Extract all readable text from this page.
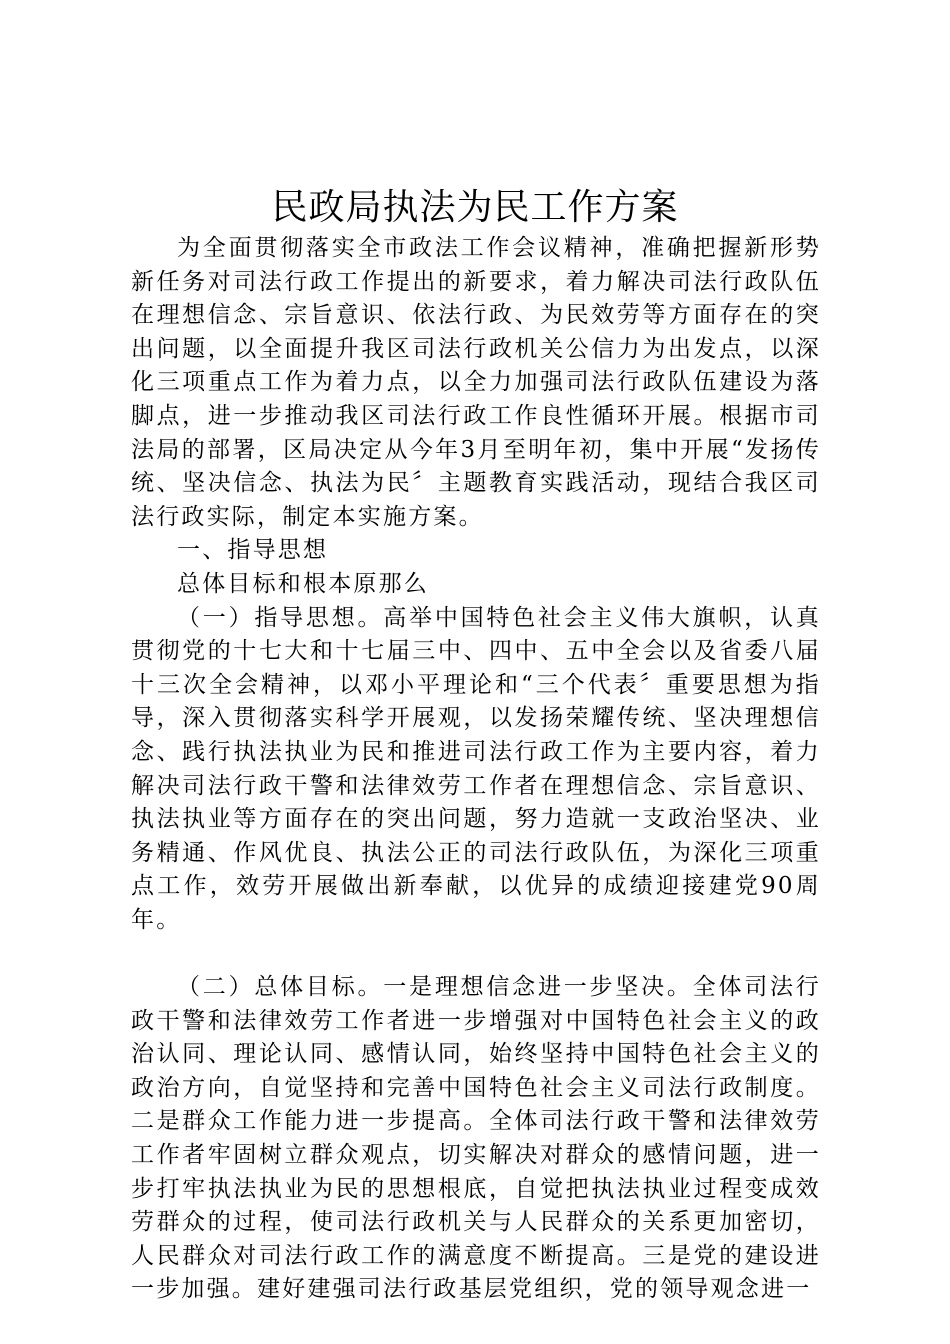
民政局执法为民工作方案

为全面贯彻落实全市政法工作会议精神，准确把握新形势新任务对司法行政工作提出的新要求，着力解决司法行政队伍在理想信念、宗旨意识、依法行政、为民效劳等方面存在的突出问题，以全面提升我区司法行政机关公信力为出发点，以深化三项重点工作为着力点，以全力加强司法行政队伍建设为落脚点，进一步推动我区司法行政工作良性循环开展。根据市司法局的部署，区局决定从今年3月至明年初，集中开展“发扬传统、坚决信念、执法为民〞主题教育实践活动，现结合我区司法行政实际，制定本实施方案。

一、指导思想

总体目标和根本原那么

（一）指导思想。高举中国特色社会主义伟大旗帜，认真贯彻党的十七大和十七届三中、四中、五中全会以及省委八届十三次全会精神，以邓小平理论和“三个代表〞重要思想为指导，深入贯彻落实科学开展观，以发扬荣耀传统、坚决理想信念、践行执法执业为民和推进司法行政工作为主要内容，着力解决司法行政干警和法律效劳工作者在理想信念、宗旨意识、执法执业等方面存在的突出问题，努力造就一支政治坚决、业务精通、作风优良、执法公正的司法行政队伍，为深化三项重点工作，效劳开展做出新奉献，以优异的成绩迎接建党90周年。

（二）总体目标。一是理想信念进一步坚决。全体司法行政干警和法律效劳工作者进一步增强对中国特色社会主义的政治认同、理论认同、感情认同，始终坚持中国特色社会主义的政治方向，自觉坚持和完善中国特色社会主义司法行政制度。二是群众工作能力进一步提高。全体司法行政干警和法律效劳工作者牢固树立群众观点，切实解决对群众的感情问题，进一步打牢执法执业为民的思想根底，自觉把执法执业过程变成效劳群众的过程，使司法行政机关与人民群众的关系更加密切，人民群众对司法行政工作的满意度不断提高。三是党的建设进一步加强。建好建强司法行政基层党组织，党的领导观念进一
